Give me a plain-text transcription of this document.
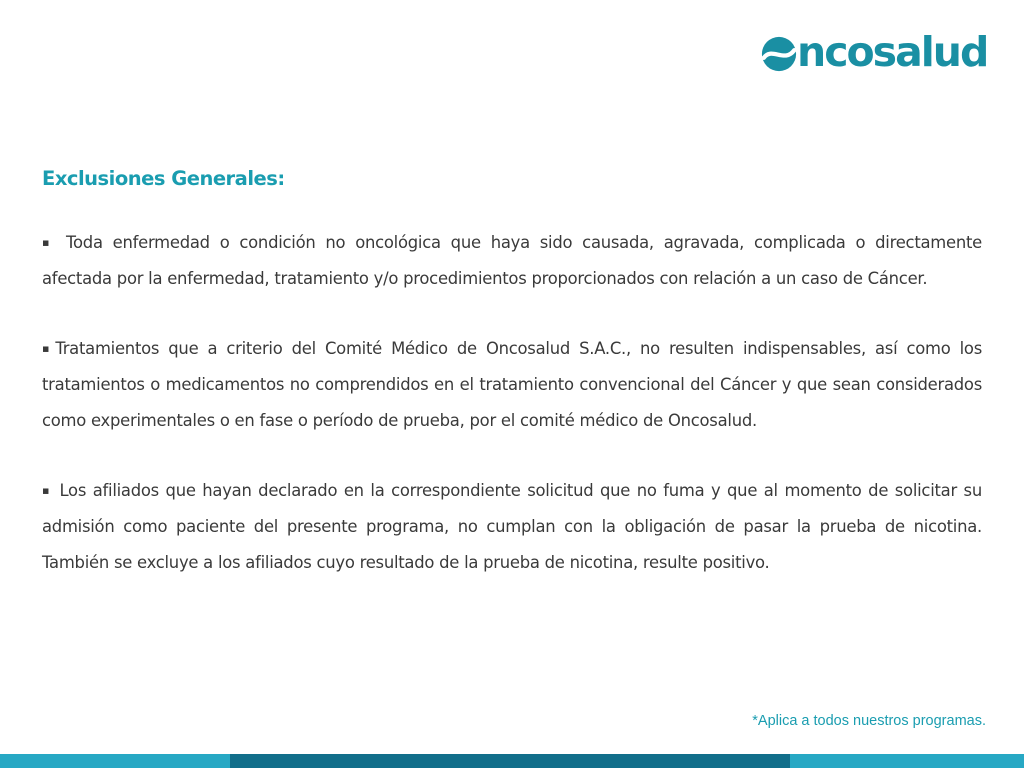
ncosalud
Exclusiones Generales:

▪ Toda enfermedad o condición no oncológica que haya sido causada, agravada, complicada o directamente afectada por la enfermedad, tratamiento y/o procedimientos proporcionados con relación a un caso de Cáncer.

▪ Tratamientos que a criterio del Comité Médico de Oncosalud S.A.C., no resulten indispensables, así como los tratamientos o medicamentos no comprendidos en el tratamiento convencional del Cáncer y que sean considerados como experimentales o en fase o período de prueba, por el comité médico de Oncosalud.

▪ Los afiliados que hayan declarado en la correspondiente solicitud que no fuma y que al momento de solicitar su admisión como paciente del presente programa, no cumplan con la obligación de pasar la prueba de nicotina. También se excluye a los afiliados cuyo resultado de la prueba de nicotina, resulte positivo.

*Aplica a todos nuestros programas.
